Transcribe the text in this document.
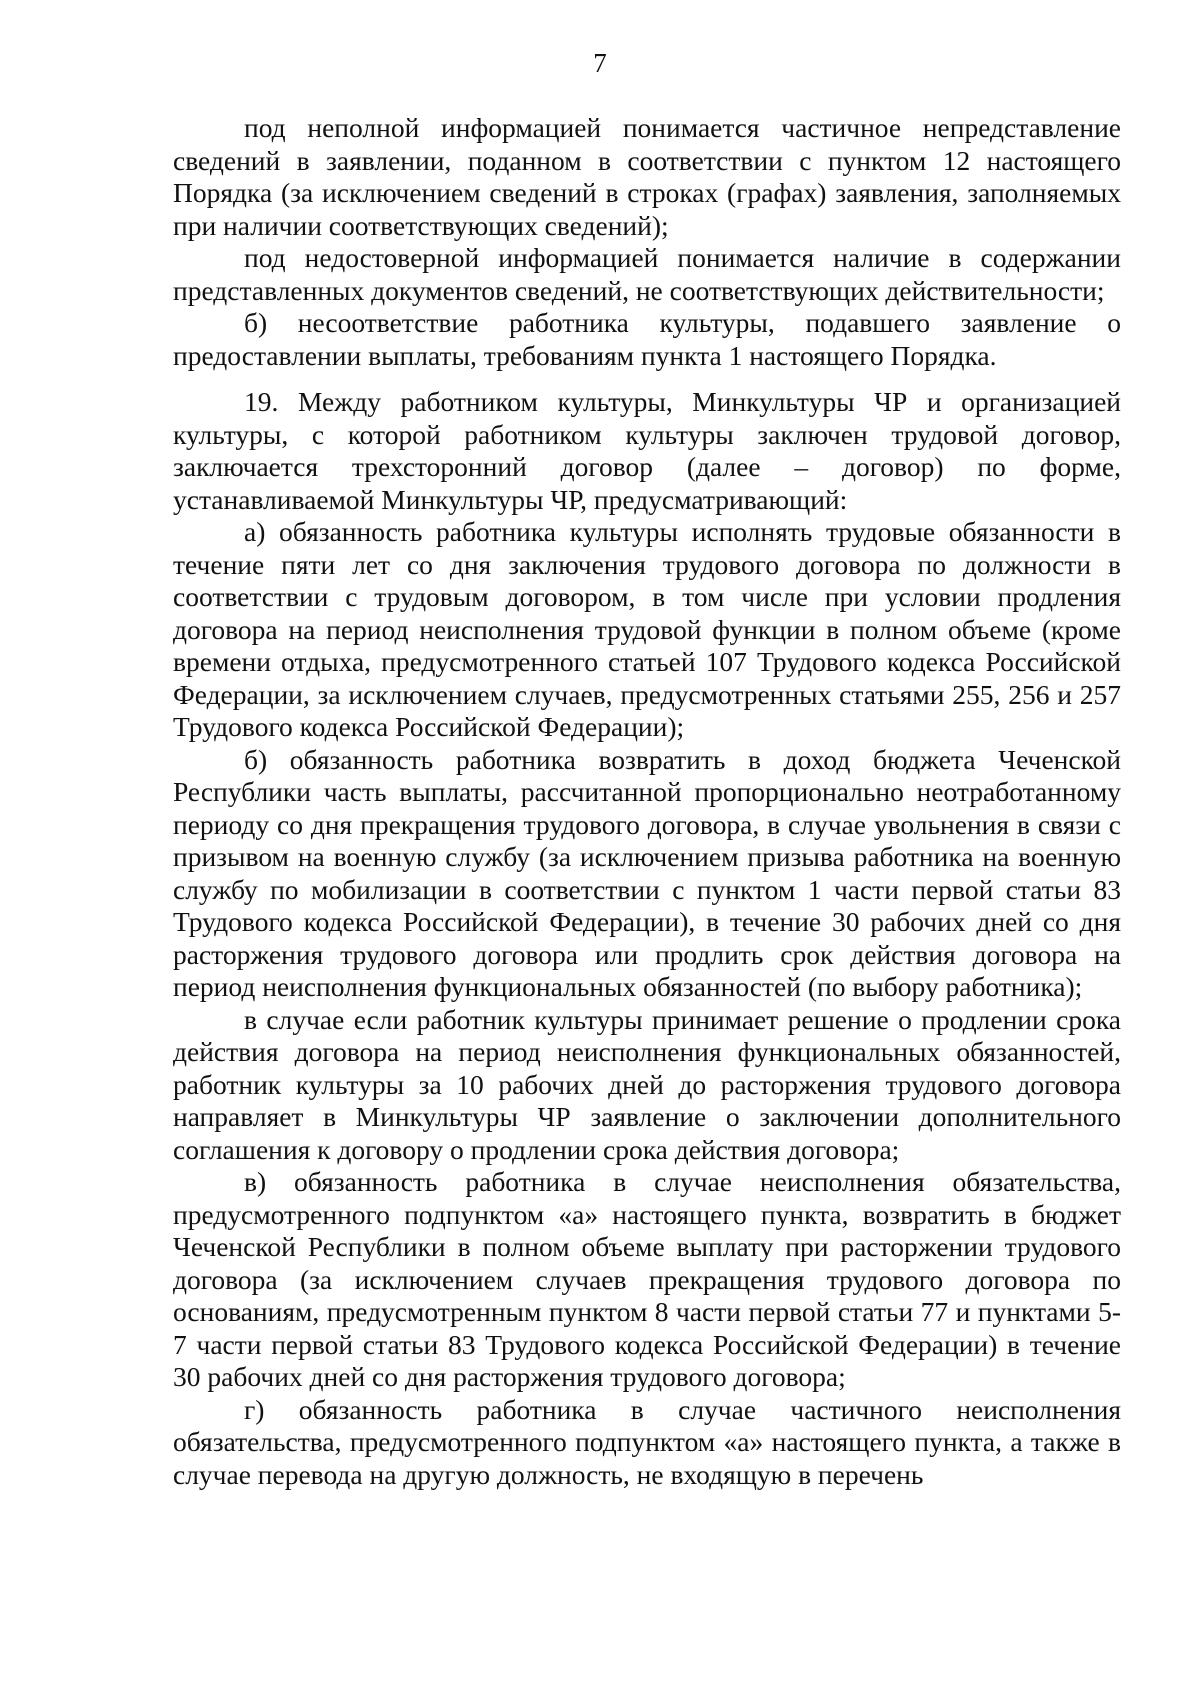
7

под неполной информацией понимается частичное непредставление сведений в заявлении, поданном в соответствии с пунктом 12 настоящего Порядка (за исключением сведений в строках (графах) заявления, заполняемых при наличии соответствующих сведений);

под недостоверной информацией понимается наличие в содержании представленных документов сведений, не соответствующих действительности;

б) несоответствие работника культуры, подавшего заявление о предоставлении выплаты, требованиям пункта 1 настоящего Порядка.

19. Между работником культуры, Минкультуры ЧР и организацией культуры, с которой работником культуры заключен трудовой договор, заключается трехсторонний договор (далее – договор) по форме, устанавливаемой Минкультуры ЧР, предусматривающий:

а) обязанность работника культуры исполнять трудовые обязанности в течение пяти лет со дня заключения трудового договора по должности в соответствии с трудовым договором, в том числе при условии продления договора на период неисполнения трудовой функции в полном объеме (кроме времени отдыха, предусмотренного статьей 107 Трудового кодекса Российской Федерации, за исключением случаев, предусмотренных статьями 255, 256 и 257 Трудового кодекса Российской Федерации);

б) обязанность работника возвратить в доход бюджета Чеченской Республики часть выплаты, рассчитанной пропорционально неотработанному периоду со дня прекращения трудового договора, в случае увольнения в связи с призывом на военную службу (за исключением призыва работника на военную службу по мобилизации в соответствии с пунктом 1 части первой статьи 83 Трудового кодекса Российской Федерации), в течение 30 рабочих дней со дня расторжения трудового договора или продлить срок действия договора на период неисполнения функциональных обязанностей (по выбору работника);

в случае если работник культуры принимает решение о продлении срока действия договора на период неисполнения функциональных обязанностей, работник культуры за 10 рабочих дней до расторжения трудового договора направляет в Минкультуры ЧР заявление о заключении дополнительного соглашения к договору о продлении срока действия договора;

в) обязанность работника в случае неисполнения обязательства, предусмотренного подпунктом «а» настоящего пункта, возвратить в бюджет Чеченской Республики в полном объеме выплату при расторжении трудового договора (за исключением случаев прекращения трудового договора по основаниям, предусмотренным пунктом 8 части первой статьи 77 и пунктами 5-7 части первой статьи 83 Трудового кодекса Российской Федерации) в течение 30 рабочих дней со дня расторжения трудового договора;

г) обязанность работника в случае частичного неисполнения обязательства, предусмотренного подпунктом «а» настоящего пункта, а также в случае перевода на другую должность, не входящую в перечень
